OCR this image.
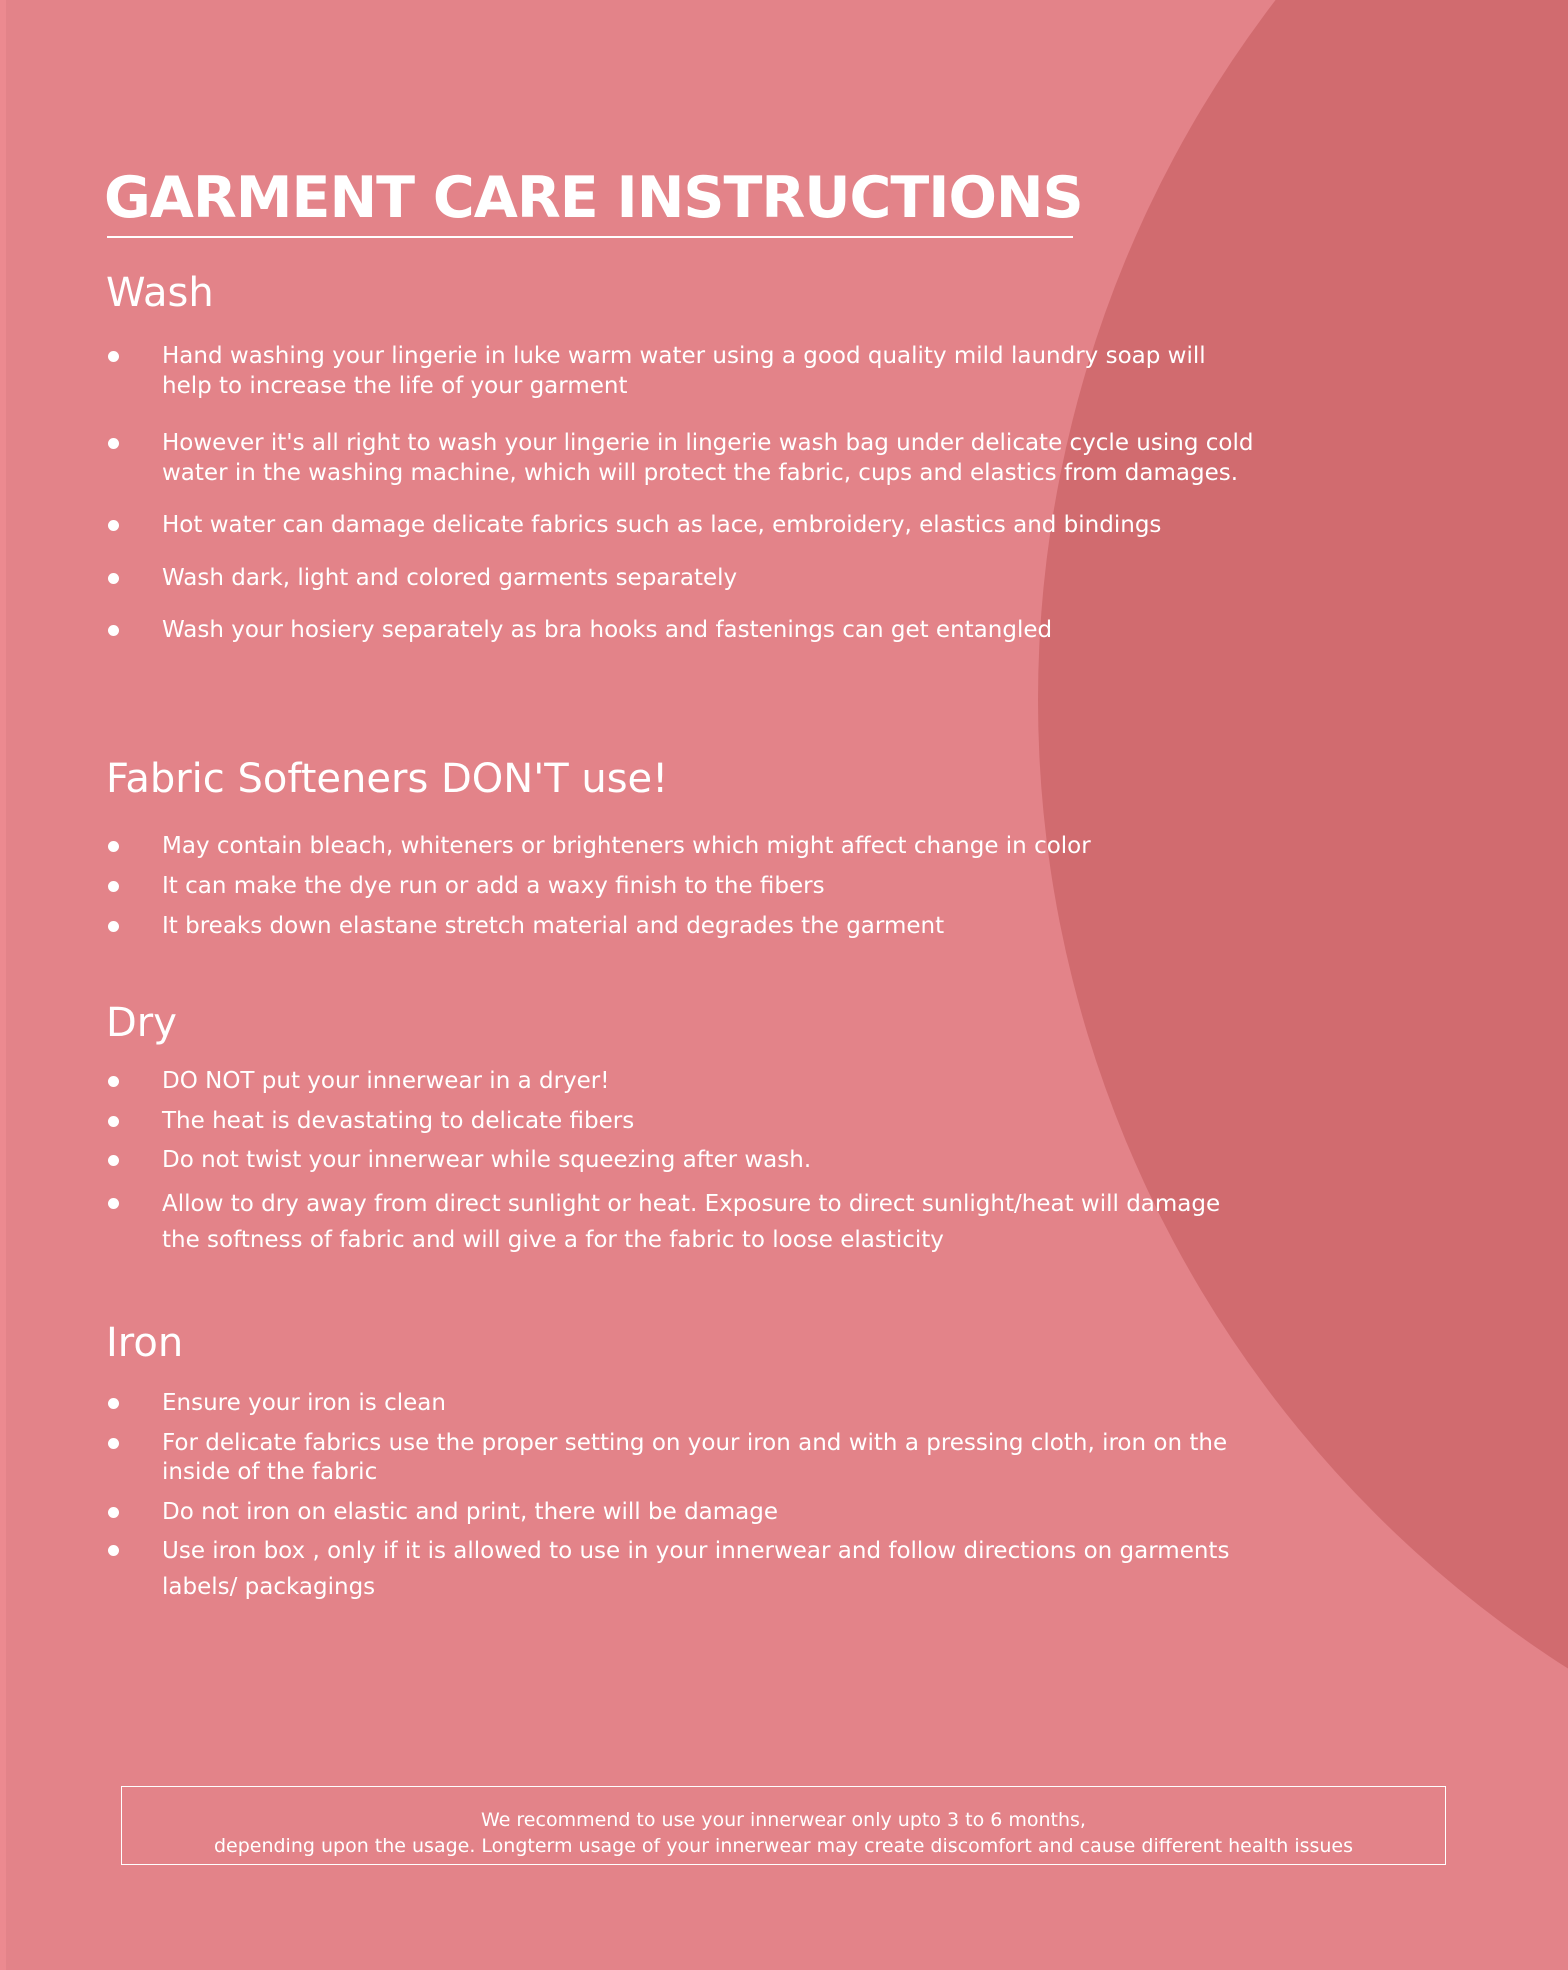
GARMENT CARE INSTRUCTIONS
Wash
Hand washing your lingerie in luke warm water using a good quality mild laundry soap will help to increase the life of your garment
However it's all right to wash your lingerie in lingerie wash bag under delicate cycle using cold water in the washing machine, which will protect the fabric, cups and elastics from damages.
Hot water can damage delicate fabrics such as lace, embroidery, elastics and bindings
Wash dark, light and colored garments separately
Wash your hosiery separately as bra hooks and fastenings can get entangled
Fabric Softeners DON'T use!
May contain bleach, whiteners or brighteners which might affect change in color
It can make the dye run or add a waxy finish to the fibers
It breaks down elastane stretch material and degrades the garment
Dry
DO NOT put your innerwear in a dryer!
The heat is devastating to delicate fibers
Do not twist your innerwear while squeezing after wash.
Allow to dry away from direct sunlight or heat. Exposure to direct sunlight/heat will damage the softness of fabric and will give a for the fabric to loose elasticity
Iron
Ensure your iron is clean
For delicate fabrics use the proper setting on your iron and with a pressing cloth, iron on the inside of the fabric
Do not iron on elastic and print, there will be damage
Use iron box , only if it is allowed to use in your innerwear and follow directions on garments labels/ packagings
We recommend to use your innerwear only upto 3 to 6 months,
depending upon the usage. Longterm usage of your innerwear may create discomfort and cause different health issues
